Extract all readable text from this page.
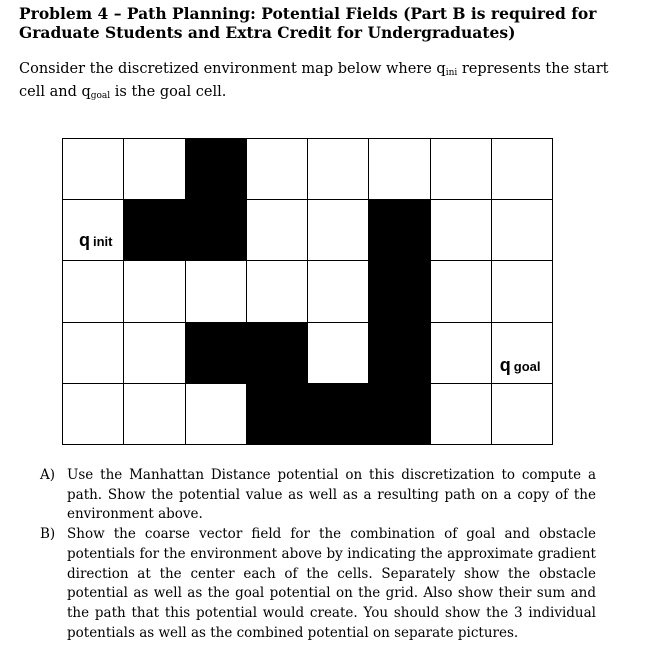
Problem 4 – Path Planning: Potential Fields (Part B is required for Graduate Students and Extra Credit for Undergraduates)

Consider the discretized environment map below where $q_{ini}$ represents the start cell and $q_{goal}$ is the goal cell.

q init
q goal
A) Use the Manhattan Distance potential on this discretization to compute a path. Show the potential value as well as a resulting path on a copy of the environment above.
B) Show the coarse vector field for the combination of goal and obstacle potentials for the environment above by indicating the approximate gradient direction at the center each of the cells. Separately show the obstacle potential as well as the goal potential on the grid. Also show their sum and the path that this potential would create. You should show the 3 individual potentials as well as the combined potential on separate pictures.
